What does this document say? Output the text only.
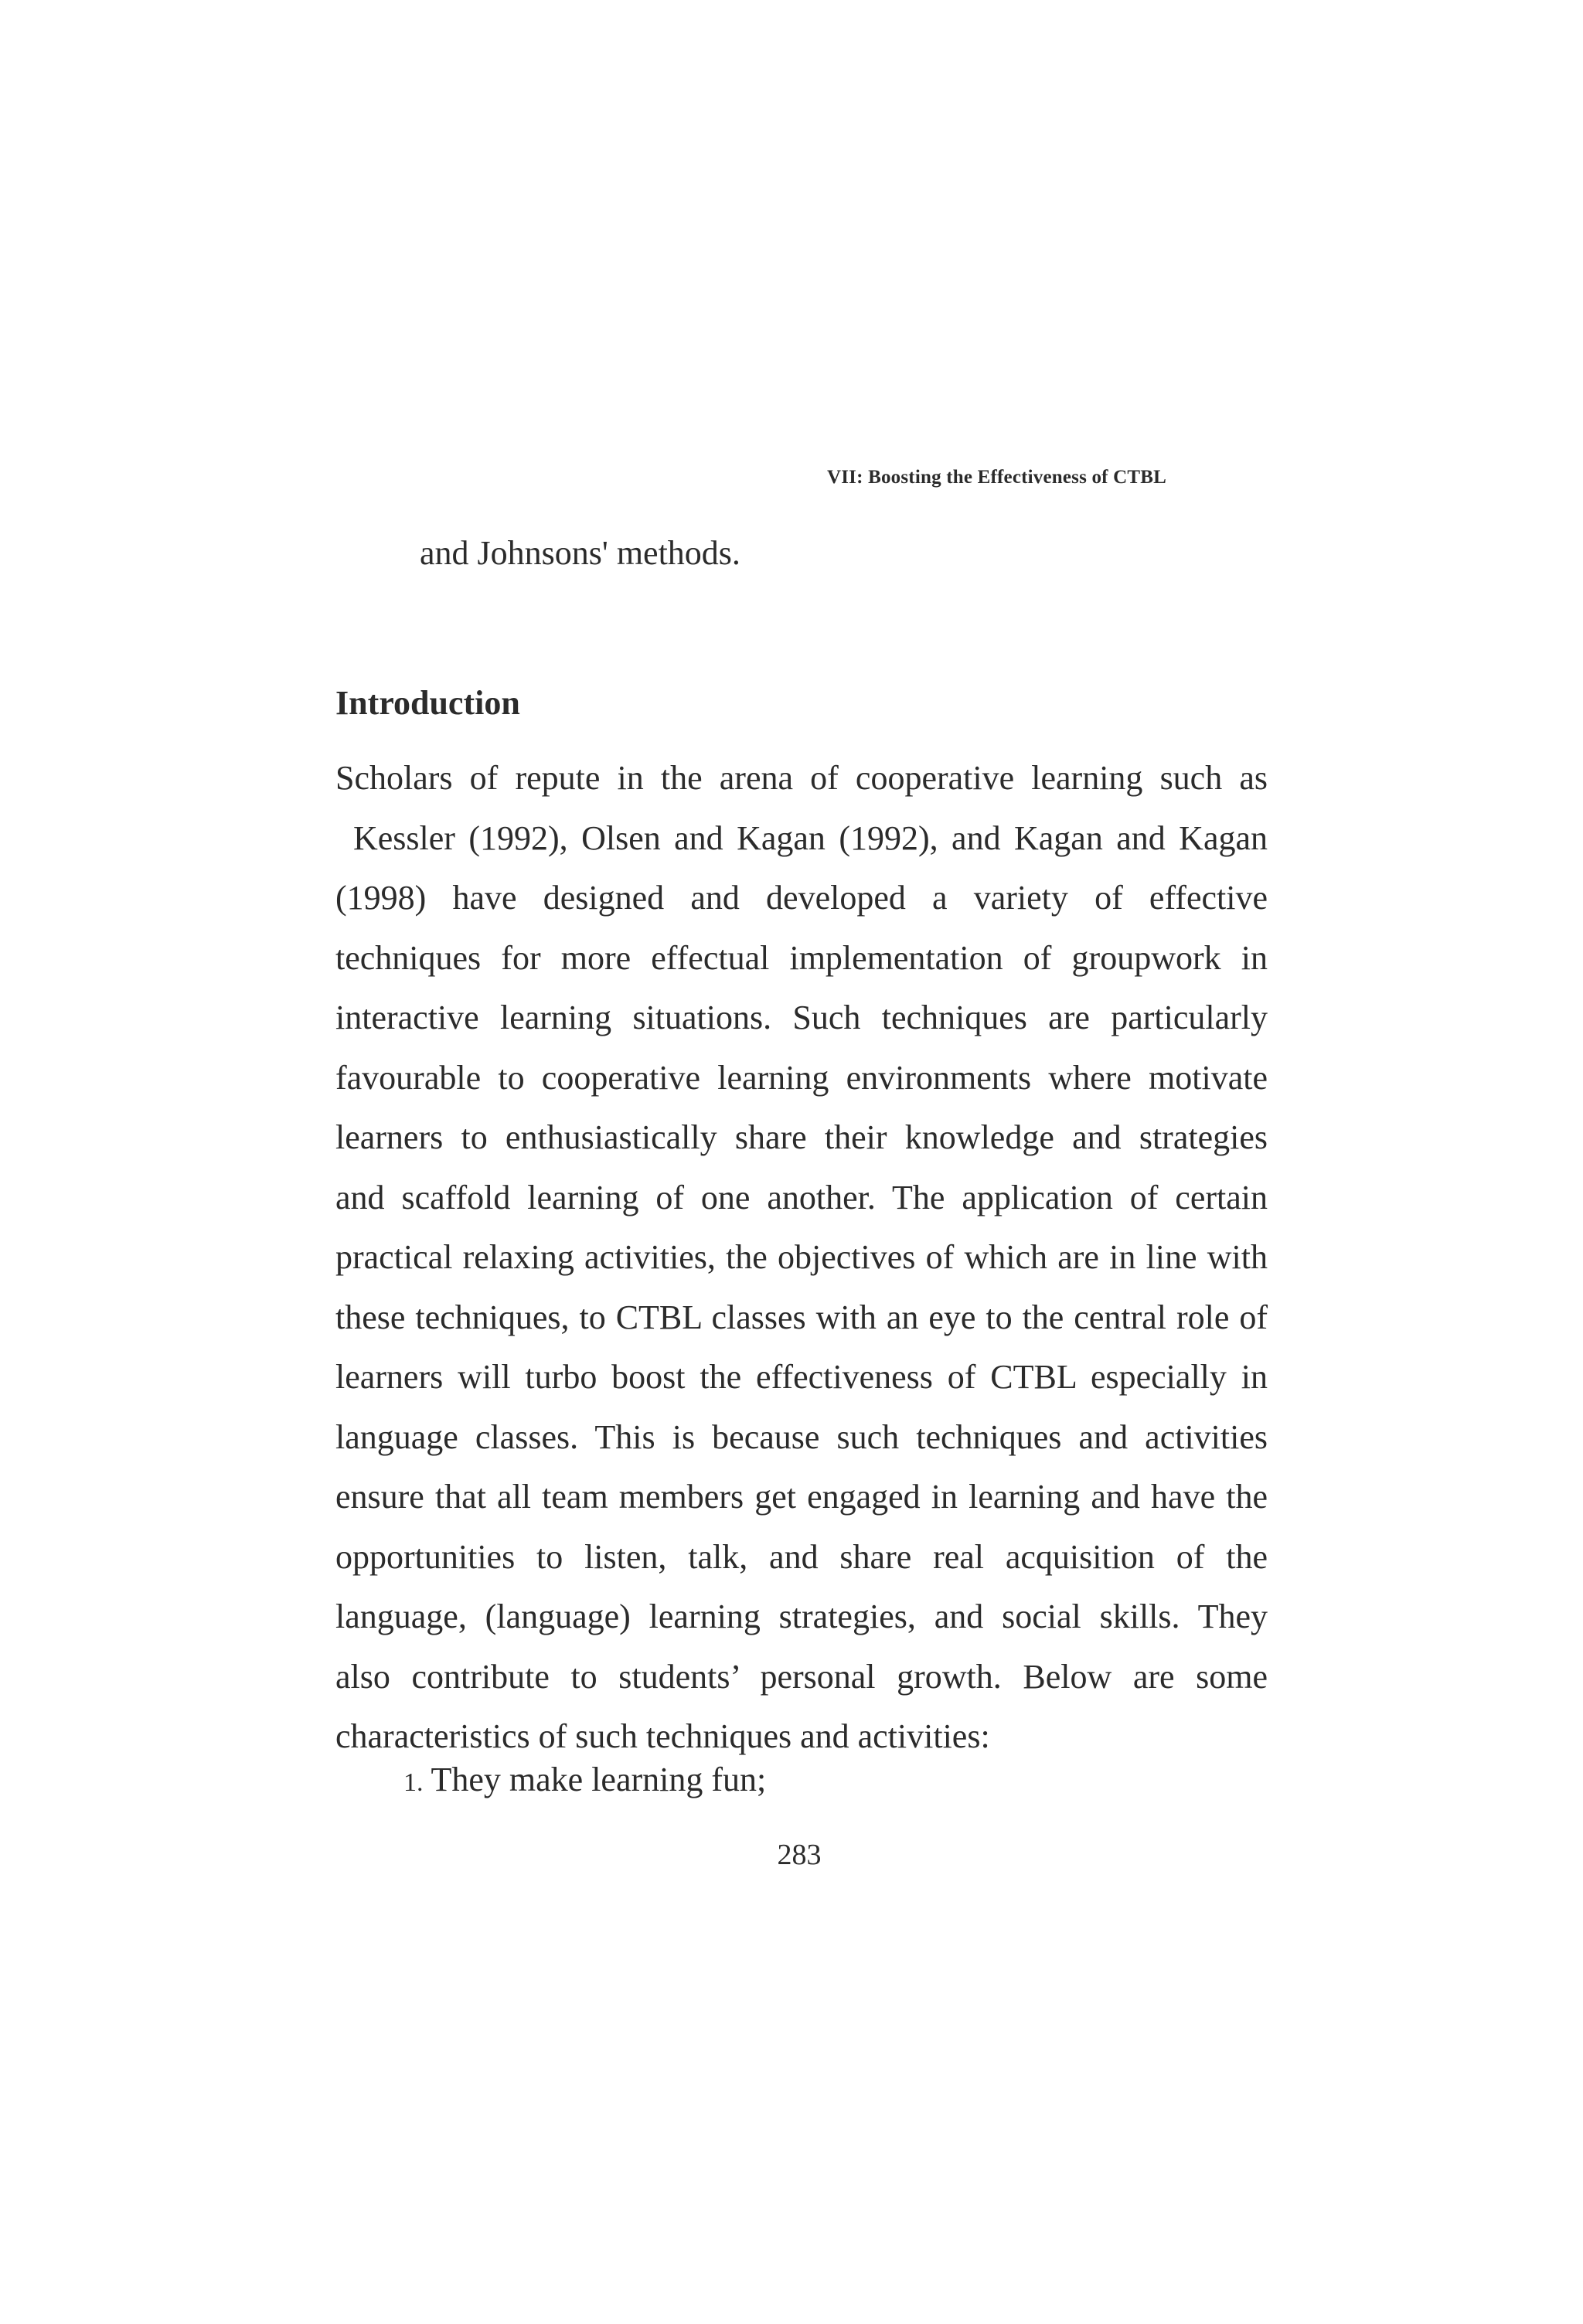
VII: Boosting the Effectiveness of CTBL
and Johnsons' methods.
Introduction
Scholars of repute in the arena of cooperative learning such as
Kessler (1992), Olsen and Kagan (1992), and Kagan and Kagan
(1998) have designed and developed a variety of effective
techniques for more effectual implementation of groupwork in
interactive learning situations. Such techniques are particularly
favourable to cooperative learning environments where motivate
learners to enthusiastically share their knowledge and strategies
and scaffold learning of one another. The application of certain
practical relaxing activities, the objectives of which are in line with
these techniques, to CTBL classes with an eye to the central role of
learners will turbo boost the effectiveness of CTBL especially in
language classes. This is because such techniques and activities
ensure that all team members get engaged in learning and have the
opportunities to listen, talk, and share real acquisition of the
language, (language) learning strategies, and social skills. They
also contribute to students’ personal growth. Below are some
characteristics of such techniques and activities:
1. They make learning fun;
283
